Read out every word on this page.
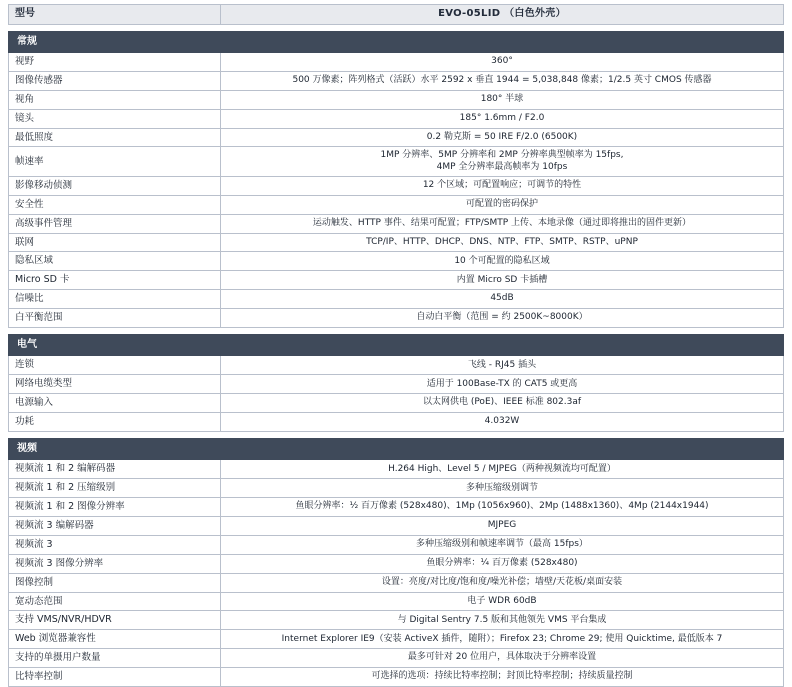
型号	EVO-05LID （白色外壳）
常规	
视野	360°
图像传感器	500 万像素；阵列格式（活跃）水平 2592 x 垂直 1944 = 5,038,848 像素；1/2.5 英寸 CMOS 传感器
视角	180° 半球
镜头	185° 1.6mm / F2.0
最低照度	0.2 勒克斯 = 50 IRE F/2.0 (6500K)
帧速率	1MP 分辨率、5MP 分辨率和 2MP 分辨率典型帧率为 15fps,
4MP 全分辨率最高帧率为 10fps
影像移动侦测	12 个区域；可配置响应；可调节的特性
安全性	可配置的密码保护
高级事件管理	运动触发、HTTP 事件、结果可配置；FTP/SMTP 上传、本地录像（通过即将推出的固件更新）
联网	TCP/IP、HTTP、DHCP、DNS、NTP、FTP、SMTP、RSTP、uPNP
隐私区域	10 个可配置的隐私区域
Micro SD 卡	内置 Micro SD 卡插槽
信噪比	45dB
白平衡范围	自动白平衡（范围 = 约 2500K~8000K）
电气	
连锁	飞线 - RJ45 插头
网络电缆类型	适用于 100Base-TX 的 CAT5 或更高
电源输入	以太网供电 (PoE)、IEEE 标准 802.3af
功耗	4.032W
视频	
视频流 1 和 2 编解码器	H.264 High、Level 5 / MJPEG（两种视频流均可配置）
视频流 1 和 2 压缩级别	多种压缩级别调节
视频流 1 和 2 图像分辨率	鱼眼分辨率：½ 百万像素 (528x480)、1Mp (1056x960)、2Mp (1488x1360)、4Mp (2144x1944)
视频流 3 编解码器	MJPEG
视频流 3	多种压缩级别和帧速率调节（最高 15fps）
视频流 3 图像分辨率	鱼眼分辨率：¼ 百万像素 (528x480)
图像控制	设置：亮度/对比度/饱和度/噪光补偿；墙壁/天花板/桌面安装
宽动态范围	电子 WDR 60dB
支持 VMS/NVR/HDVR	与 Digital Sentry 7.5 版和其他领先 VMS 平台集成
Web 浏览器兼容性	Internet Explorer IE9（安装 ActiveX 插件，随附）；Firefox 23; Chrome 29; 使用 Quicktime, 最低版本 7
支持的单摄用户数量	最多可针对 20 位用户，具体取决于分辨率设置
比特率控制	可选择的选项：持续比特率控制；封顶比特率控制；持续质量控制
